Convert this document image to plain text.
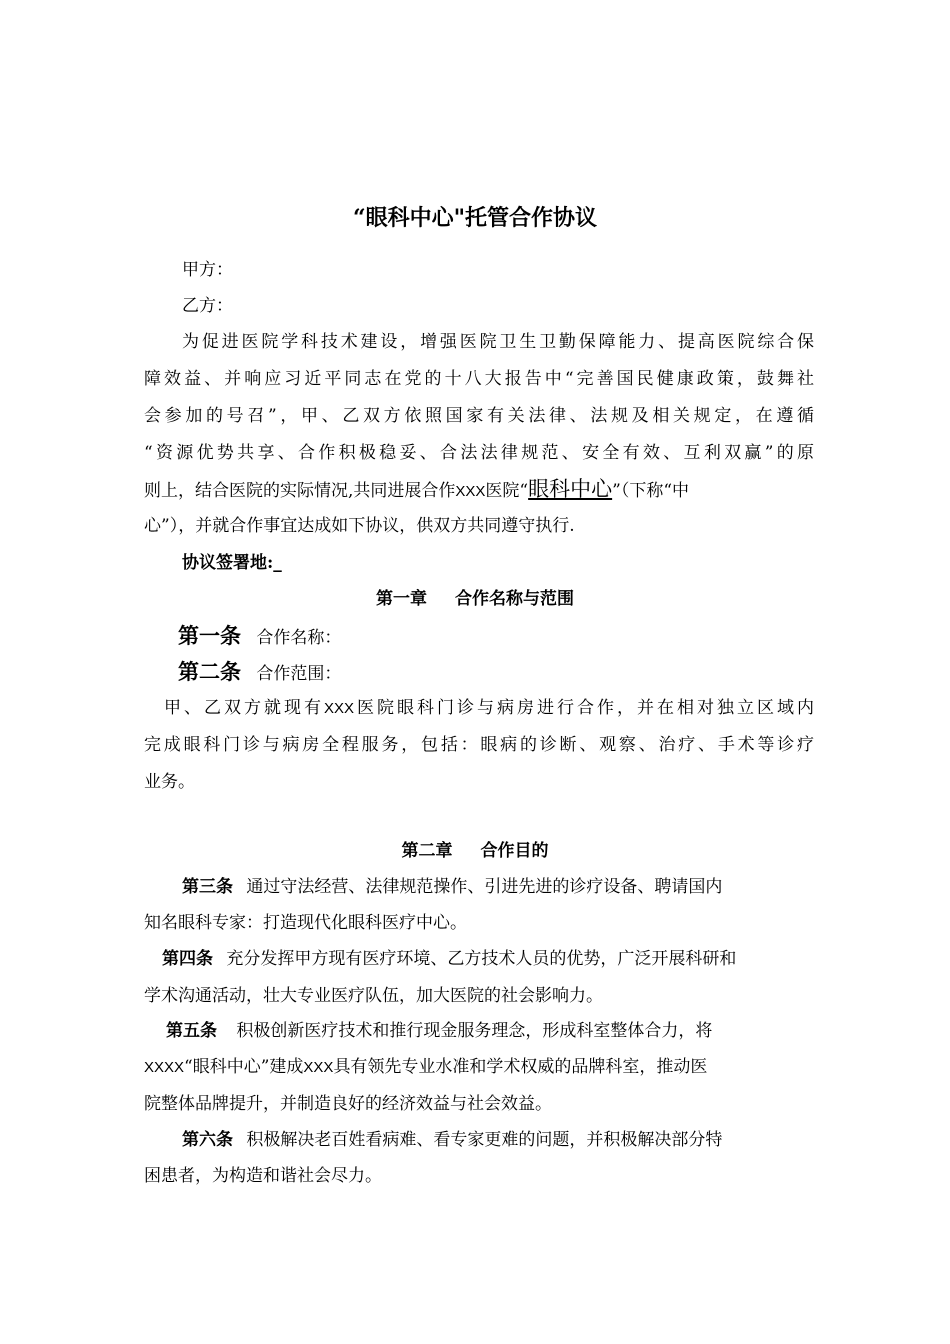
“眼科中心"托管合作协议
甲方：
乙方：
为促进医院学科技术建设，增强医院卫生卫勤保障能力、提高医院综合保
障效益、并响应习近平同志在党的十八大报告中“完善国民健康政策，鼓舞社
会参加的号召”，甲、乙双方依照国家有关法律、法规及相关规定，在遵循
“资源优势共享、合作积极稳妥、合法法律规范、安全有效、互利双赢”的原
则上，结合医院的实际情况,共同进展合作XXX医院“眼科中心”（下称“中
心”），并就合作事宜达成如下协议，供双方共同遵守执行.
协议签署地:_
第一章 合作名称与范围
第一条 合作名称：
第二条 合作范围：
甲、乙双方就现有XXX医院眼科门诊与病房进行合作，并在相对独立区域内
完成眼科门诊与病房全程服务，包括：眼病的诊断、观察、治疗、手术等诊疗
业务。
第二章 合作目的
第三条 通过守法经营、法律规范操作、引进先进的诊疗设备、聘请国内
知名眼科专家：打造现代化眼科医疗中心。
第四条 充分发挥甲方现有医疗环境、乙方技术人员的优势，广泛开展科研和
学术沟通活动，壮大专业医疗队伍，加大医院的社会影响力。
第五条 积极创新医疗技术和推行现金服务理念，形成科室整体合力，将
XXXX“眼科中心”建成XXX具有领先专业水准和学术权威的品牌科室，推动医
院整体品牌提升，并制造良好的经济效益与社会效益。
第六条 积极解决老百姓看病难、看专家更难的问题，并积极解决部分特
困患者，为构造和谐社会尽力。
